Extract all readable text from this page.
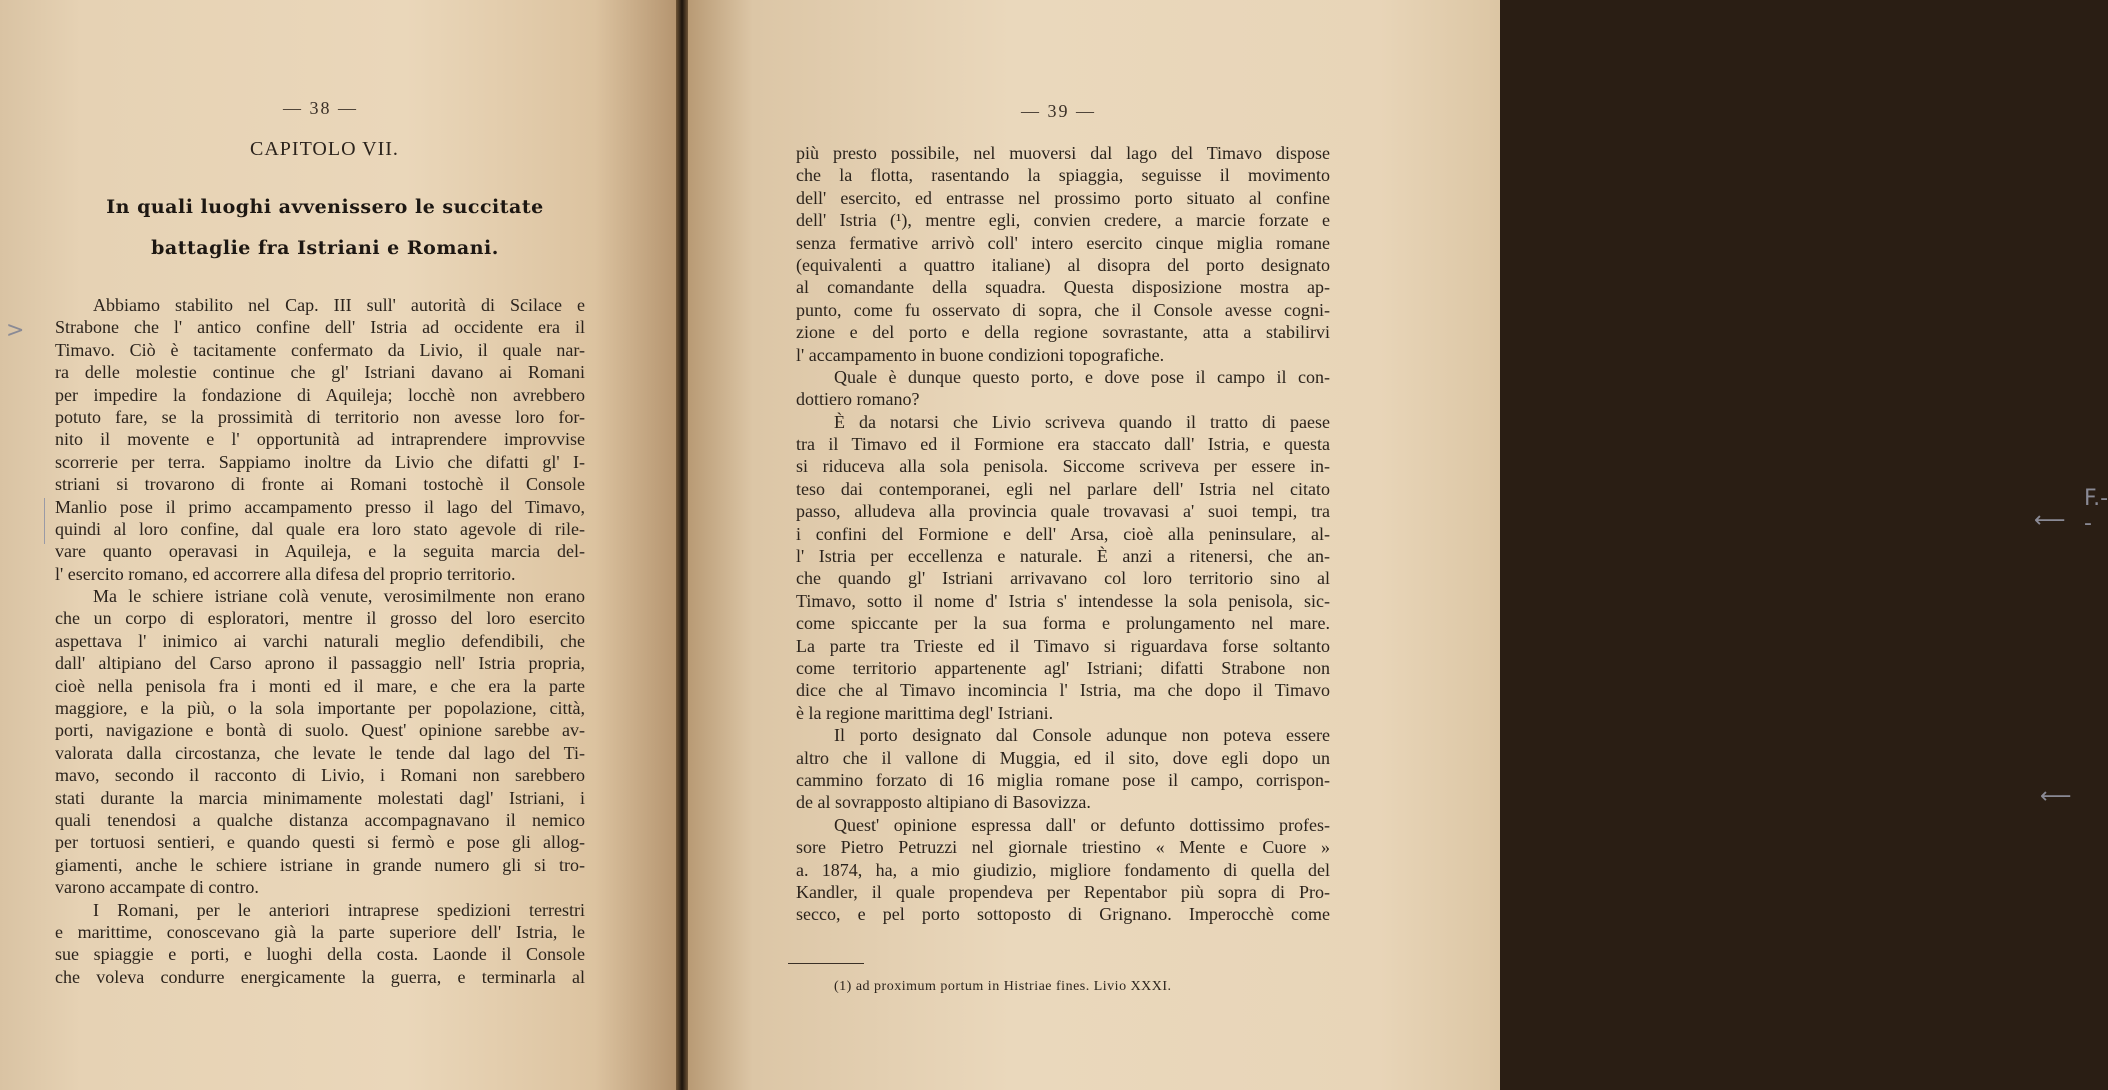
— 38 —
CAPITOLO VII.
In quali luoghi avvenissero le succitate
battaglie fra Istriani e Romani.
Abbiamo stabilito nel Cap. III sull' autorità di Scilace e
Strabone che l' antico confine dell' Istria ad occidente era il
Timavo. Ciò è tacitamente confermato da Livio, il quale nar-
ra delle molestie continue che gl' Istriani davano ai Romani
per impedire la fondazione di Aquileja; locchè non avrebbero
potuto fare, se la prossimità di territorio non avesse loro for-
nito il movente e l' opportunità ad intraprendere improvvise
scorrerie per terra. Sappiamo inoltre da Livio che difatti gl' I-
striani si trovarono di fronte ai Romani tostochè il Console
Manlio pose il primo accampamento presso il lago del Timavo,
quindi al loro confine, dal quale era loro stato agevole di rile-
vare quanto operavasi in Aquileja, e la seguita marcia del-
l' esercito romano, ed accorrere alla difesa del proprio territorio.
Ma le schiere istriane colà venute, verosimilmente non erano
che un corpo di esploratori, mentre il grosso del loro esercito
aspettava l' inimico ai varchi naturali meglio defendibili, che
dall' altipiano del Carso aprono il passaggio nell' Istria propria,
cioè nella penisola fra i monti ed il mare, e che era la parte
maggiore, e la più, o la sola importante per popolazione, città,
porti, navigazione e bontà di suolo. Quest' opinione sarebbe av-
valorata dalla circostanza, che levate le tende dal lago del Ti-
mavo, secondo il racconto di Livio, i Romani non sarebbero
stati durante la marcia minimamente molestati dagl' Istriani, i
quali tenendosi a qualche distanza accompagnavano il nemico
per tortuosi sentieri, e quando questi si fermò e pose gli allog-
giamenti, anche le schiere istriane in grande numero gli si tro-
varono accampate di contro.
I Romani, per le anteriori intraprese spedizioni terrestri
e marittime, conoscevano già la parte superiore dell' Istria, le
sue spiaggie e porti, e luoghi della costa. Laonde il Console
che voleva condurre energicamente la guerra, e terminarla al
>
— 39 —
più presto possibile, nel muoversi dal lago del Timavo dispose
che la flotta, rasentando la spiaggia, seguisse il movimento
dell' esercito, ed entrasse nel prossimo porto situato al confine
dell' Istria (¹), mentre egli, convien credere, a marcie forzate e
senza fermative arrivò coll' intero esercito cinque miglia romane
(equivalenti a quattro italiane) al disopra del porto designato
al comandante della squadra. Questa disposizione mostra ap-
punto, come fu osservato di sopra, che il Console avesse cogni-
zione e del porto e della regione sovrastante, atta a stabilirvi
l' accampamento in buone condizioni topografiche.
Quale è dunque questo porto, e dove pose il campo il con-
dottiero romano?
È da notarsi che Livio scriveva quando il tratto di paese
tra il Timavo ed il Formione era staccato dall' Istria, e questa
si riduceva alla sola penisola. Siccome scriveva per essere in-
teso dai contemporanei, egli nel parlare dell' Istria nel citato
passo, alludeva alla provincia quale trovavasi a' suoi tempi, tra
i confini del Formione e dell' Arsa, cioè alla peninsulare, al-
l' Istria per eccellenza e naturale. È anzi a ritenersi, che an-
che quando gl' Istriani arrivavano col loro territorio sino al
Timavo, sotto il nome d' Istria s' intendesse la sola penisola, sic-
come spiccante per la sua forma e prolungamento nel mare.
La parte tra Trieste ed il Timavo si riguardava forse soltanto
come territorio appartenente agl' Istriani; difatti Strabone non
dice che al Timavo incomincia l' Istria, ma che dopo il Timavo
è la regione marittima degl' Istriani.
Il porto designato dal Console adunque non poteva essere
altro che il vallone di Muggia, ed il sito, dove egli dopo un
cammino forzato di 16 miglia romane pose il campo, corrispon-
de al sovrapposto altipiano di Basovizza.
Quest' opinione espressa dall' or defunto dottissimo profes-
sore Pietro Petruzzi nel giornale triestino « Mente e Cuore »
a. 1874, ha, a mio giudizio, migliore fondamento di quella del
Kandler, il quale propendeva per Repentabor più sopra di Pro-
secco, e pel porto sottoposto di Grignano. Imperocchè come
(1) ad proximum portum in Histriae fines. Livio XXXI.
⟵
F.--
⟵
